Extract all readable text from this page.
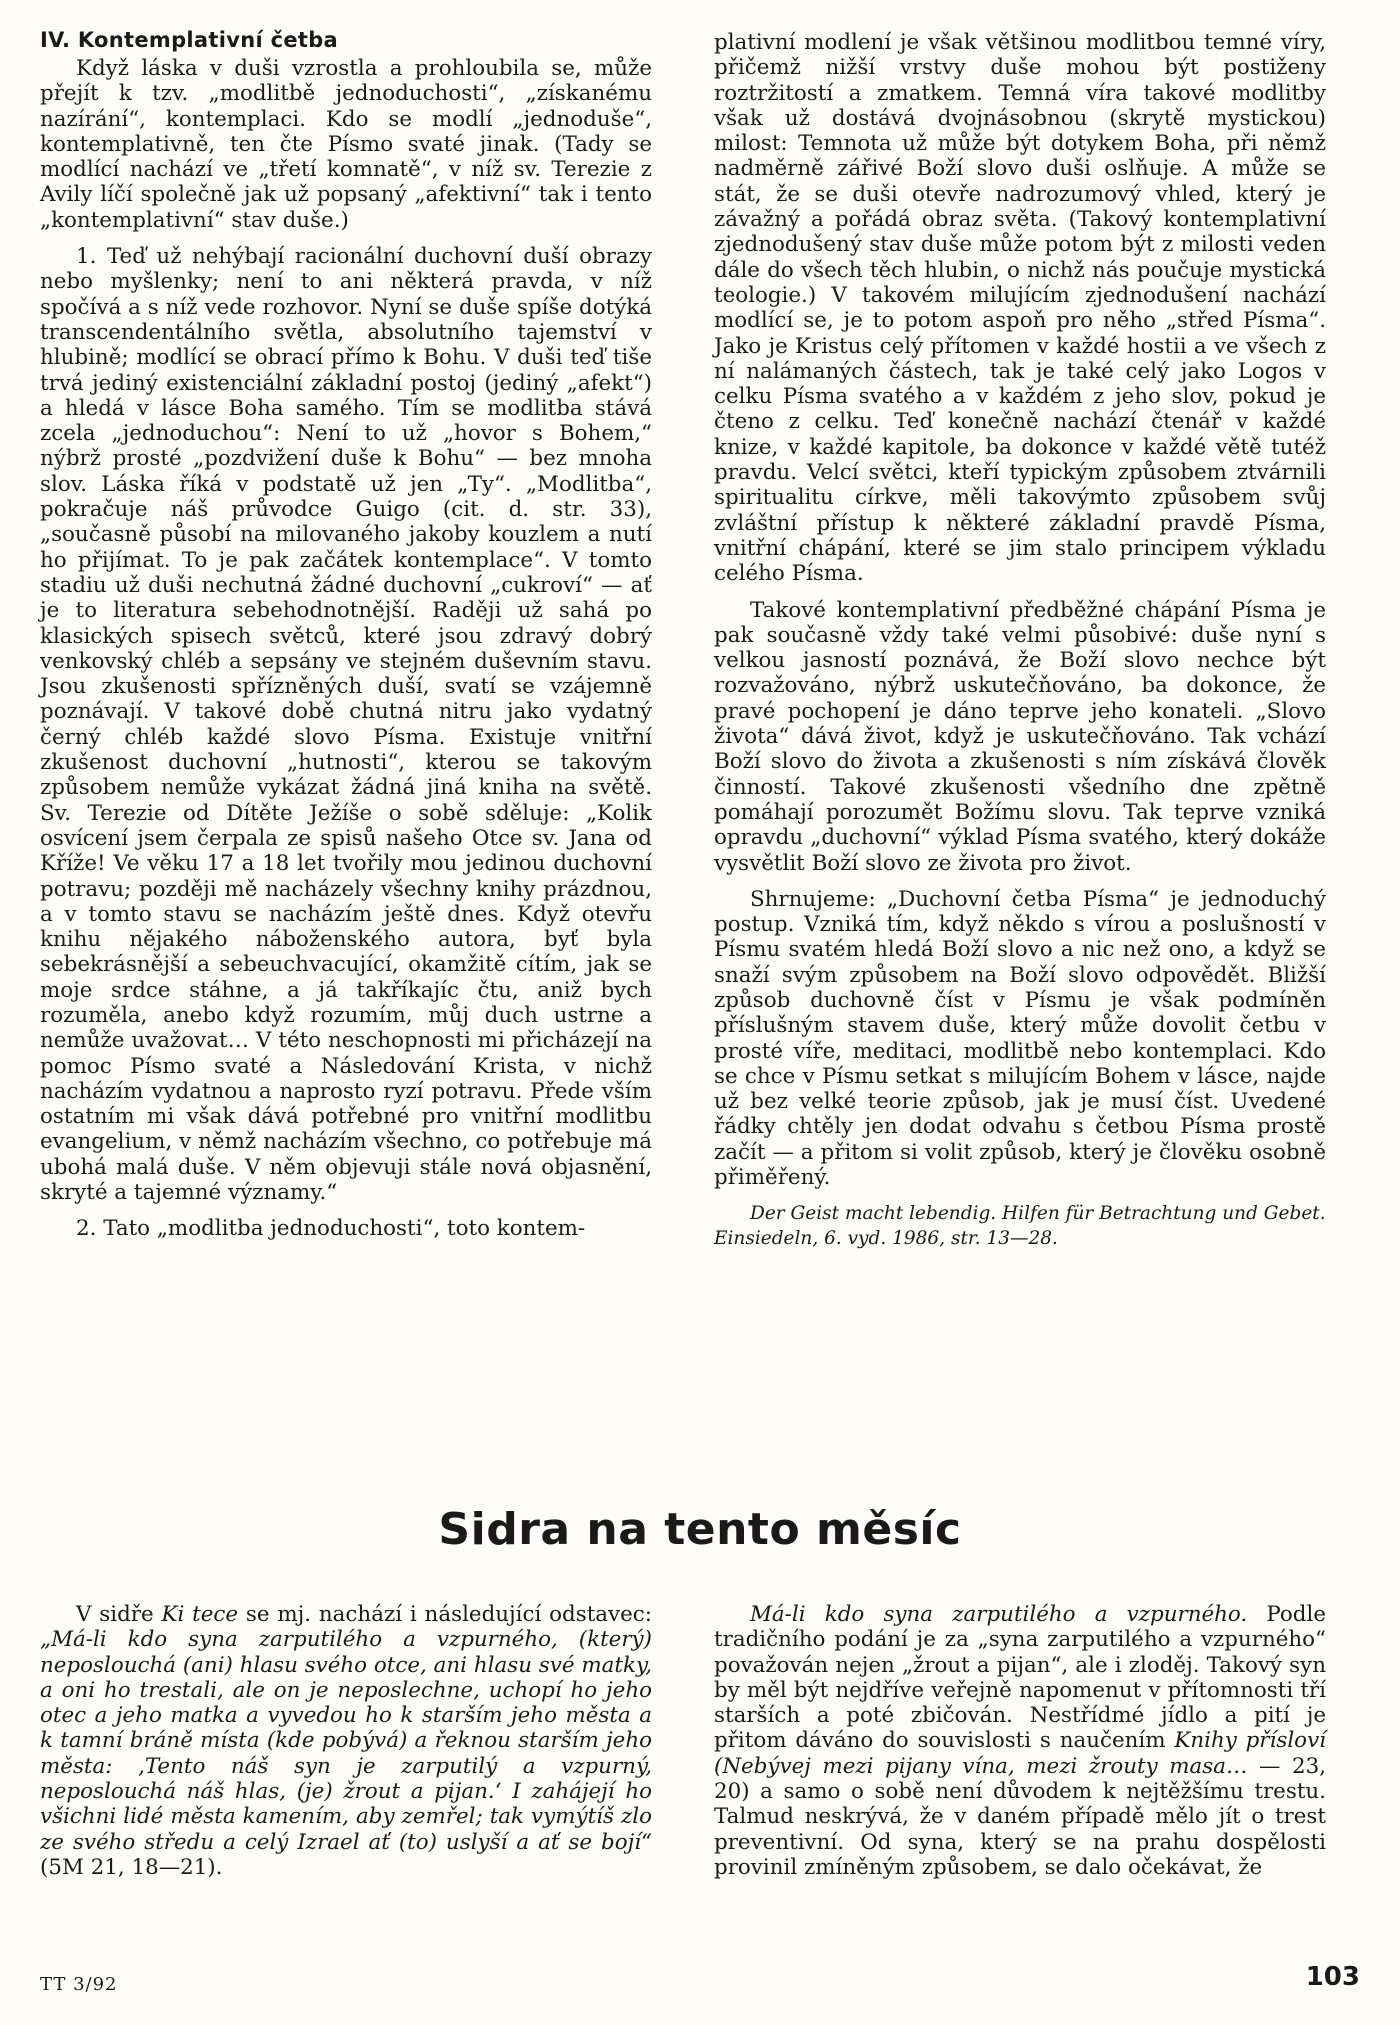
IV. Kontemplativní četba

Když láska v duši vzrostla a prohloubila se, může přejít k tzv. „modlitbě jednoduchosti“, „získanému nazírání“, kontemplaci. Kdo se modlí „jednoduše“, kontemplativně, ten čte Písmo svaté jinak. (Tady se modlící nachází ve „třetí komnatě“, v níž sv. Terezie z Avily líčí společně jak už popsaný „afektivní“ tak i tento „kontemplativní“ stav duše.)

1. Teď už nehýbají racionální duchovní duší obrazy nebo myšlenky; není to ani některá pravda, v níž spočívá a s níž vede rozhovor. Nyní se duše spíše dotýká transcendentálního světla, absolutního tajemství v hlubině; modlící se obrací přímo k Bohu. V duši teď tiše trvá jediný existenciální základní postoj (jediný „afekt“) a hledá v lásce Boha samého. Tím se modlitba stává zcela „jednoduchou“: Není to už „hovor s Bohem,“ nýbrž prosté „pozdvižení duše k Bohu“ — bez mnoha slov. Láska říká v podstatě už jen „Ty“. „Modlitba“, pokračuje náš průvodce Guigo (cit. d. str. 33), „současně působí na milovaného jakoby kouzlem a nutí ho přijímat. To je pak začátek kontemplace“. V tomto stadiu už duši nechutná žádné duchovní „cukroví“ — ať je to literatura sebehodnotnější. Raději už sahá po klasických spisech světců, které jsou zdravý dobrý venkovský chléb a sepsány ve stejném duševním stavu. Jsou zkušenosti spřízněných duší, svatí se vzájemně poznávají. V takové době chutná nitru jako vydatný černý chléb každé slovo Písma. Existuje vnitřní zkušenost duchovní „hutnosti“, kterou se takovým způsobem nemůže vykázat žádná jiná kniha na světě. Sv. Terezie od Dítěte Ježíše o sobě sděluje: „Kolik osvícení jsem čerpala ze spisů našeho Otce sv. Jana od Kříže! Ve věku 17 a 18 let tvořily mou jedinou duchovní potravu; později mě nacházely všechny knihy prázdnou, a v tomto stavu se nacházím ještě dnes. Když otevřu knihu nějakého náboženského autora, byť byla sebekrásnější a sebeuchvacující, okamžitě cítím, jak se moje srdce stáhne, a já takříkajíc čtu, aniž bych rozuměla, anebo když rozumím, můj duch ustrne a nemůže uvažovat… V této neschopnosti mi přicházejí na pomoc Písmo svaté a Následování Krista, v nichž nacházím vydatnou a naprosto ryzí potravu. Přede vším ostatním mi však dává potřebné pro vnitřní modlitbu evangelium, v němž nacházím všechno, co potřebuje má ubohá malá duše. V něm objevuji stále nová objasnění, skryté a tajemné významy.“

2. Tato „modlitba jednoduchosti“, toto kontem-

plativní modlení je však většinou modlitbou temné víry, přičemž nižší vrstvy duše mohou být postiženy roztržitostí a zmatkem. Temná víra takové modlitby však už dostává dvojnásobnou (skrytě mystickou) milost: Temnota už může být dotykem Boha, při němž nadměrně zářivé Boží slovo duši oslňuje. A může se stát, že se duši otevře nadrozumový vhled, který je závažný a pořádá obraz světa. (Takový kontemplativní zjednodušený stav duše může potom být z milosti veden dále do všech těch hlubin, o nichž nás poučuje mystická teologie.) V takovém milujícím zjednodušení nachází modlící se, je to potom aspoň pro něho „střed Písma“. Jako je Kristus celý přítomen v každé hostii a ve všech z ní nalámaných částech, tak je také celý jako Logos v celku Písma svatého a v každém z jeho slov, pokud je čteno z celku. Teď konečně nachází čtenář v každé knize, v každé kapitole, ba dokonce v každé větě tutéž pravdu. Velcí světci, kteří typickým způsobem ztvárnili spiritualitu církve, měli takovýmto způsobem svůj zvláštní přístup k některé základní pravdě Písma, vnitřní chápání, které se jim stalo principem výkladu celého Písma.

Takové kontemplativní předběžné chápání Písma je pak současně vždy také velmi působivé: duše nyní s velkou jasností poznává, že Boží slovo nechce být rozvažováno, nýbrž uskutečňováno, ba dokonce, že pravé pochopení je dáno teprve jeho konateli. „Slovo života“ dává život, když je uskutečňováno. Tak vchází Boží slovo do života a zkušenosti s ním získává člověk činností. Takové zkušenosti všedního dne zpětně pomáhají porozumět Božímu slovu. Tak teprve vzniká opravdu „duchovní“ výklad Písma svatého, který dokáže vysvětlit Boží slovo ze života pro život.

Shrnujeme: „Duchovní četba Písma“ je jednoduchý postup. Vzniká tím, když někdo s vírou a poslušností v Písmu svatém hledá Boží slovo a nic než ono, a když se snaží svým způsobem na Boží slovo odpovědět. Bližší způsob duchovně číst v Písmu je však podmíněn příslušným stavem duše, který může dovolit četbu v prosté víře, meditaci, modlitbě nebo kontemplaci. Kdo se chce v Písmu setkat s milujícím Bohem v lásce, najde už bez velké teorie způsob, jak je musí číst. Uvedené řádky chtěly jen dodat odvahu s četbou Písma prostě začít — a přitom si volit způsob, který je člověku osobně přiměřený.

Der Geist macht lebendig. Hilfen für Betrachtung und Gebet. Einsiedeln, 6. vyd. 1986, str. 13—28.

Sidra na tento měsíc

V sidře Ki tece se mj. nachází i následující odstavec: „Má-li kdo syna zarputilého a vzpurného, (který) neposlouchá (ani) hlasu svého otce, ani hlasu své matky, a oni ho trestali, ale on je neposlechne, uchopí ho jeho otec a jeho matka a vyvedou ho k starším jeho města a k tamní bráně místa (kde pobývá) a řeknou starším jeho města: ‚Tento náš syn je zarputilý a vzpurný, neposlouchá náš hlas, (je) žrout a pijan.‘ I zahájejí ho všichni lidé města kamením, aby zemřel; tak vymýtíš zlo ze svého středu a celý Izrael ať (to) uslyší a ať se bojí“ (5M 21, 18—21).

Má-li kdo syna zarputilého a vzpurného. Podle tradičního podání je za „syna zarputilého a vzpurného“ považován nejen „žrout a pijan“, ale i zloděj. Takový syn by měl být nejdříve veřejně napomenut v přítomnosti tří starších a poté zbičován. Nestřídmé jídlo a pití je přitom dáváno do souvislosti s naučením Knihy přísloví (Nebývej mezi pijany vína, mezi žrouty masa… — 23, 20) a samo o sobě není důvodem k nejtěžšímu trestu. Talmud neskrývá, že v daném případě mělo jít o trest preventivní. Od syna, který se na prahu dospělosti provinil zmíněným způsobem, se dalo očekávat, že

TT 3/92	103
